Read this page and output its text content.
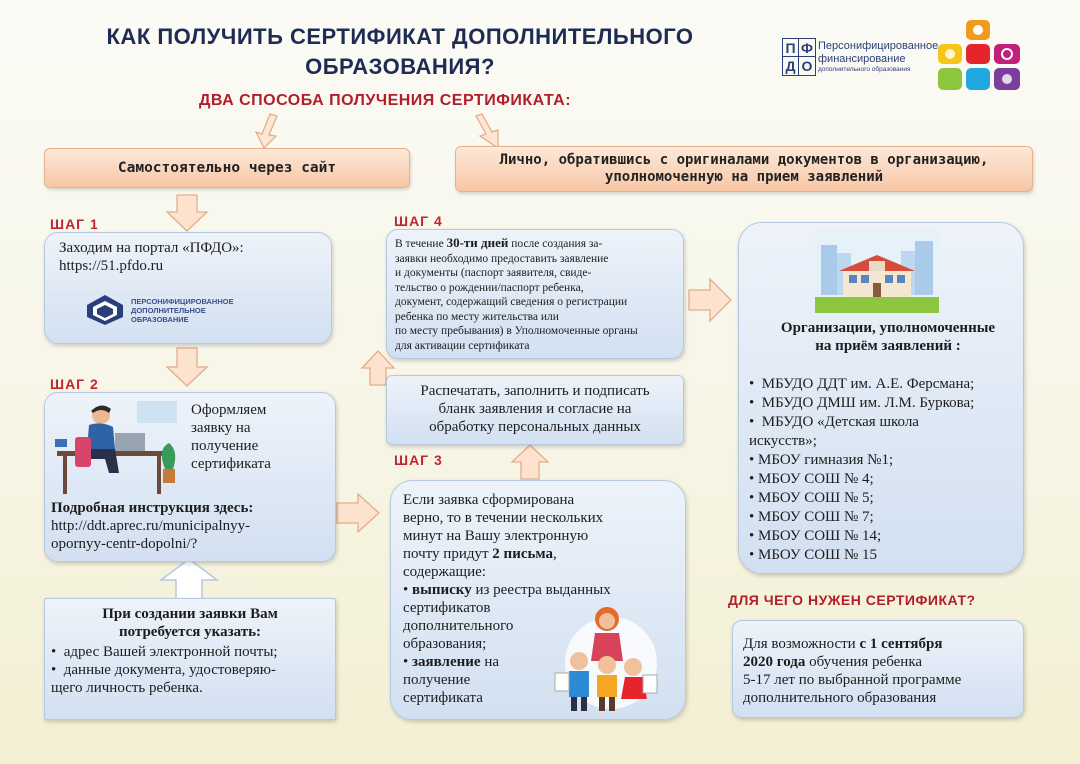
КАК ПОЛУЧИТЬ СЕРТИФИКАТ ДОПОЛНИТЕЛЬНОГО
ОБРАЗОВАНИЯ?
П Ф
Д О
Персонифицированное
финансирование
дополнительного образования
ДВА СПОСОБА ПОЛУЧЕНИЯ СЕРТИФИКАТА:
Самостоятельно через сайт	Лично, обратившись с оригиналами документов в организацию, уполномоченную на прием заявлений
ШАГ 1
Заходим на портал «ПФДО»:
https://51.pfdo.ru
ПЕРСОНИФИЦИРОВАННОЕ
ДОПОЛНИТЕЛЬНОЕ
ОБРАЗОВАНИЕ
ШАГ 2
Оформляем
заявку на
получение
сертификата
Подробная инструкция здесь:
http://ddt.aprec.ru/municipalnyy-
opornyy-centr-dopolni/?
При создании заявки Вам
потребуется указать:
•  адрес Вашей электронной почты;
•  данные документа, удостоверяю-
щего личность ребенка.
ШАГ 4
В течение 30-ти дней после создания за-
заявки необходимо предоставить заявление
и документы (паспорт заявителя, свиде-
тельство о рождении/паспорт ребенка,
документ, содержащий сведения о регистрации
ребенка по месту жительства или
по месту пребывания) в Уполномоченные органы
для активации сертификата
Распечатать, заполнить и подписать
бланк заявления и согласие на
обработку персональных данных
ШАГ 3
Если заявка сформирована
верно, то в течении нескольких
минут на Вашу электронную
почту придут 2 письма,
содержащие:
• выписку из реестра выданных
сертификатов
дополнительного
образования;
• заявление на
получение
сертификата
Организации, уполномоченные
на приём заявлений :
•  МБУДО ДДТ им. А.Е. Ферсмана;
•  МБУДО ДМШ им. Л.М. Буркова;
•  МБУДО «Детская школа
искусств»;
• МБОУ гимназия №1;
• МБОУ СОШ № 4;
• МБОУ СОШ № 5;
• МБОУ СОШ № 7;
• МБОУ СОШ № 14;
• МБОУ СОШ № 15
ДЛЯ ЧЕГО НУЖЕН СЕРТИФИКАТ?
Для возможности с 1 сентября
2020 года обучения ребенка
5-17 лет по выбранной программе
дополнительного образования
